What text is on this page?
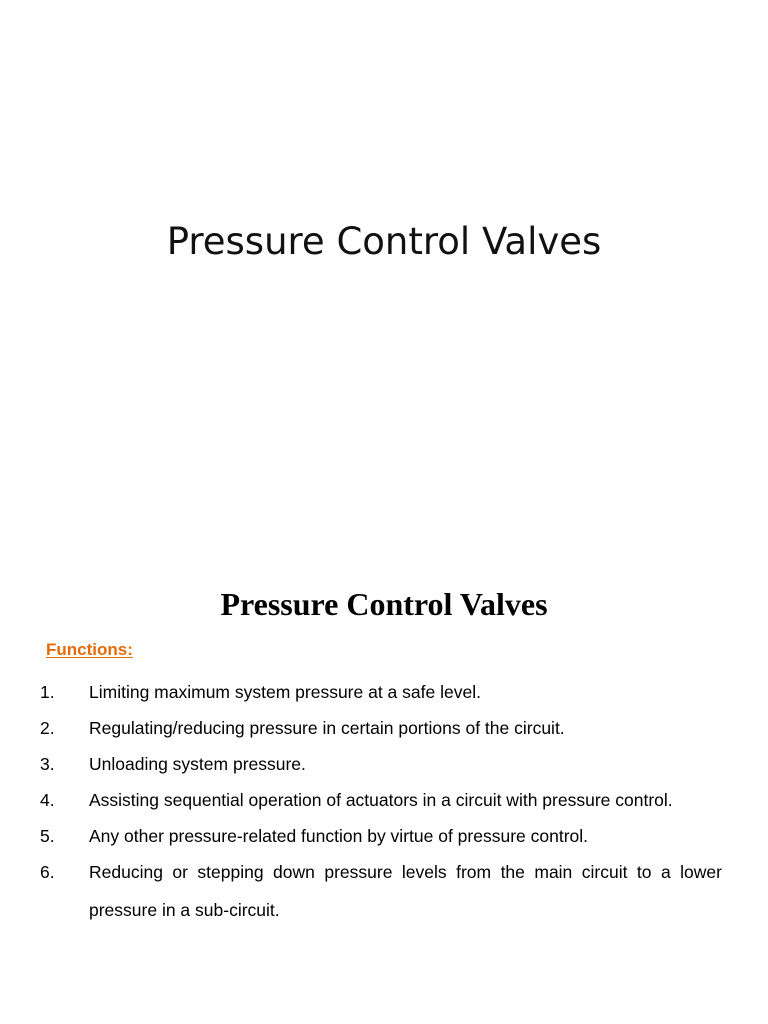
Pressure Control Valves
Pressure Control Valves
Functions:
1.	Limiting maximum system pressure at a safe level.
2.	Regulating/reducing pressure in certain portions of the circuit.
3.	Unloading system pressure.
4.	Assisting sequential operation of actuators in a circuit with pressure control.
5.	Any other pressure-related function by virtue of pressure control.
6.	Reducing or stepping down pressure levels from the main circuit to a lower pressure in a sub-circuit.
